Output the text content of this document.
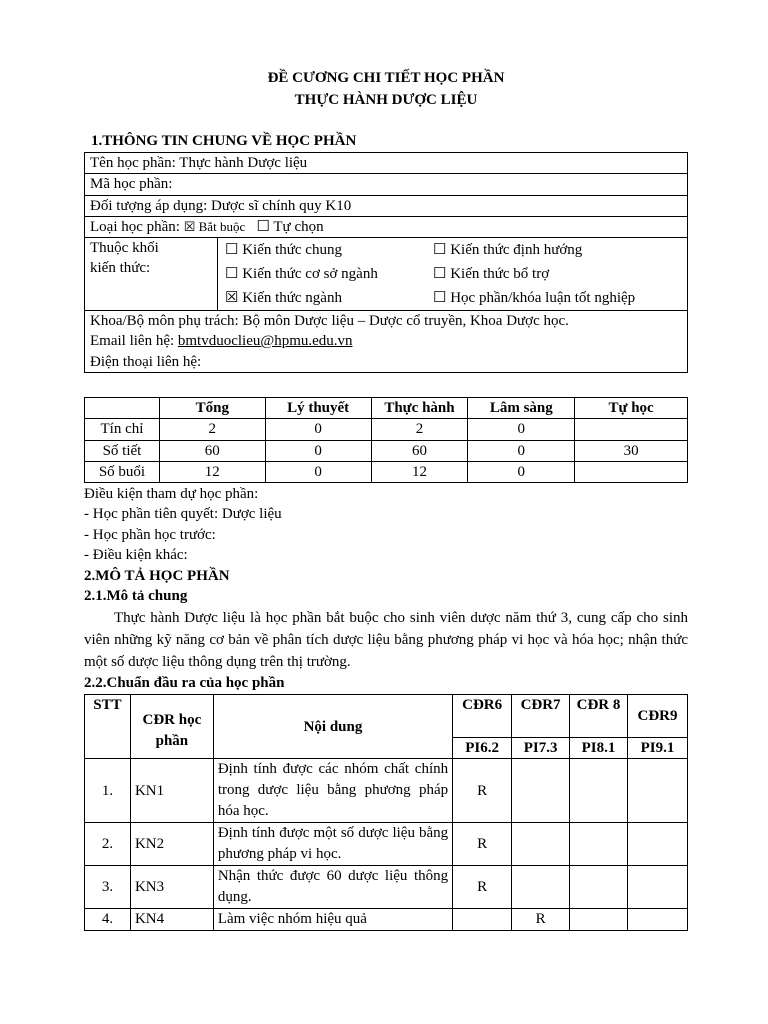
ĐỀ CƯƠNG CHI TIẾT HỌC PHẦN
THỰC HÀNH DƯỢC LIỆU
1.THÔNG TIN CHUNG VỀ HỌC PHẦN
Tên học phần: Thực hành Dược liệu
Mã học phần:
Đối tượng áp dụng: Dược sĩ chính quy K10
Loại học phần: ☒ Bắt buộc ☐ Tự chọn

Thuộc khối
kiến thức:
☐ Kiến thức chung	☐ Kiến thức định hướng
☐ Kiến thức cơ sở ngành	☐ Kiến thức bổ trợ
☒ Kiến thức ngành	☐ Học phần/khóa luận tốt nghiệp

Khoa/Bộ môn phụ trách: Bộ môn Dược liệu – Dược cổ truyền, Khoa Dược học.
Email liên hệ: bmtvduoclieu@hpmu.edu.vn
Điện thoại liên hệ:
	Tổng	Lý thuyết	Thực hành	Lâm sàng	Tự học
Tín chỉ	2	0	2	0	
Số tiết	60	0	60	0	30
Số buổi	12	0	12	0	

Điều kiện tham dự học phần:

- Học phần tiên quyết: Dược liệu

- Học phần học trước:

- Điều kiện khác:

2.MÔ TẢ HỌC PHẦN

2.1.Mô tả chung

Thực hành Dược liệu là học phần bắt buộc cho sinh viên dược năm thứ 3, cung cấp cho sinh viên những kỹ năng cơ bản về phân tích dược liệu bằng phương pháp vi học và hóa học; nhận thức một số dược liệu thông dụng trên thị trường.

2.2.Chuẩn đầu ra của học phần

STT	CĐR học phần	Nội dung	CĐR6	CĐR7	CĐR 8	CĐR9
			PI6.2	PI7.3	PI8.1	PI9.1
1.	KN1	Định tính được các nhóm chất chính trong dược liệu bằng phương pháp hóa học.	R			
2.	KN2	Định tính được một số dược liệu bằng phương pháp vi học.	R			
3.	KN3	Nhận thức được 60 dược liệu thông dụng.	R			
4.	KN4	Làm việc nhóm hiệu quả		R		
